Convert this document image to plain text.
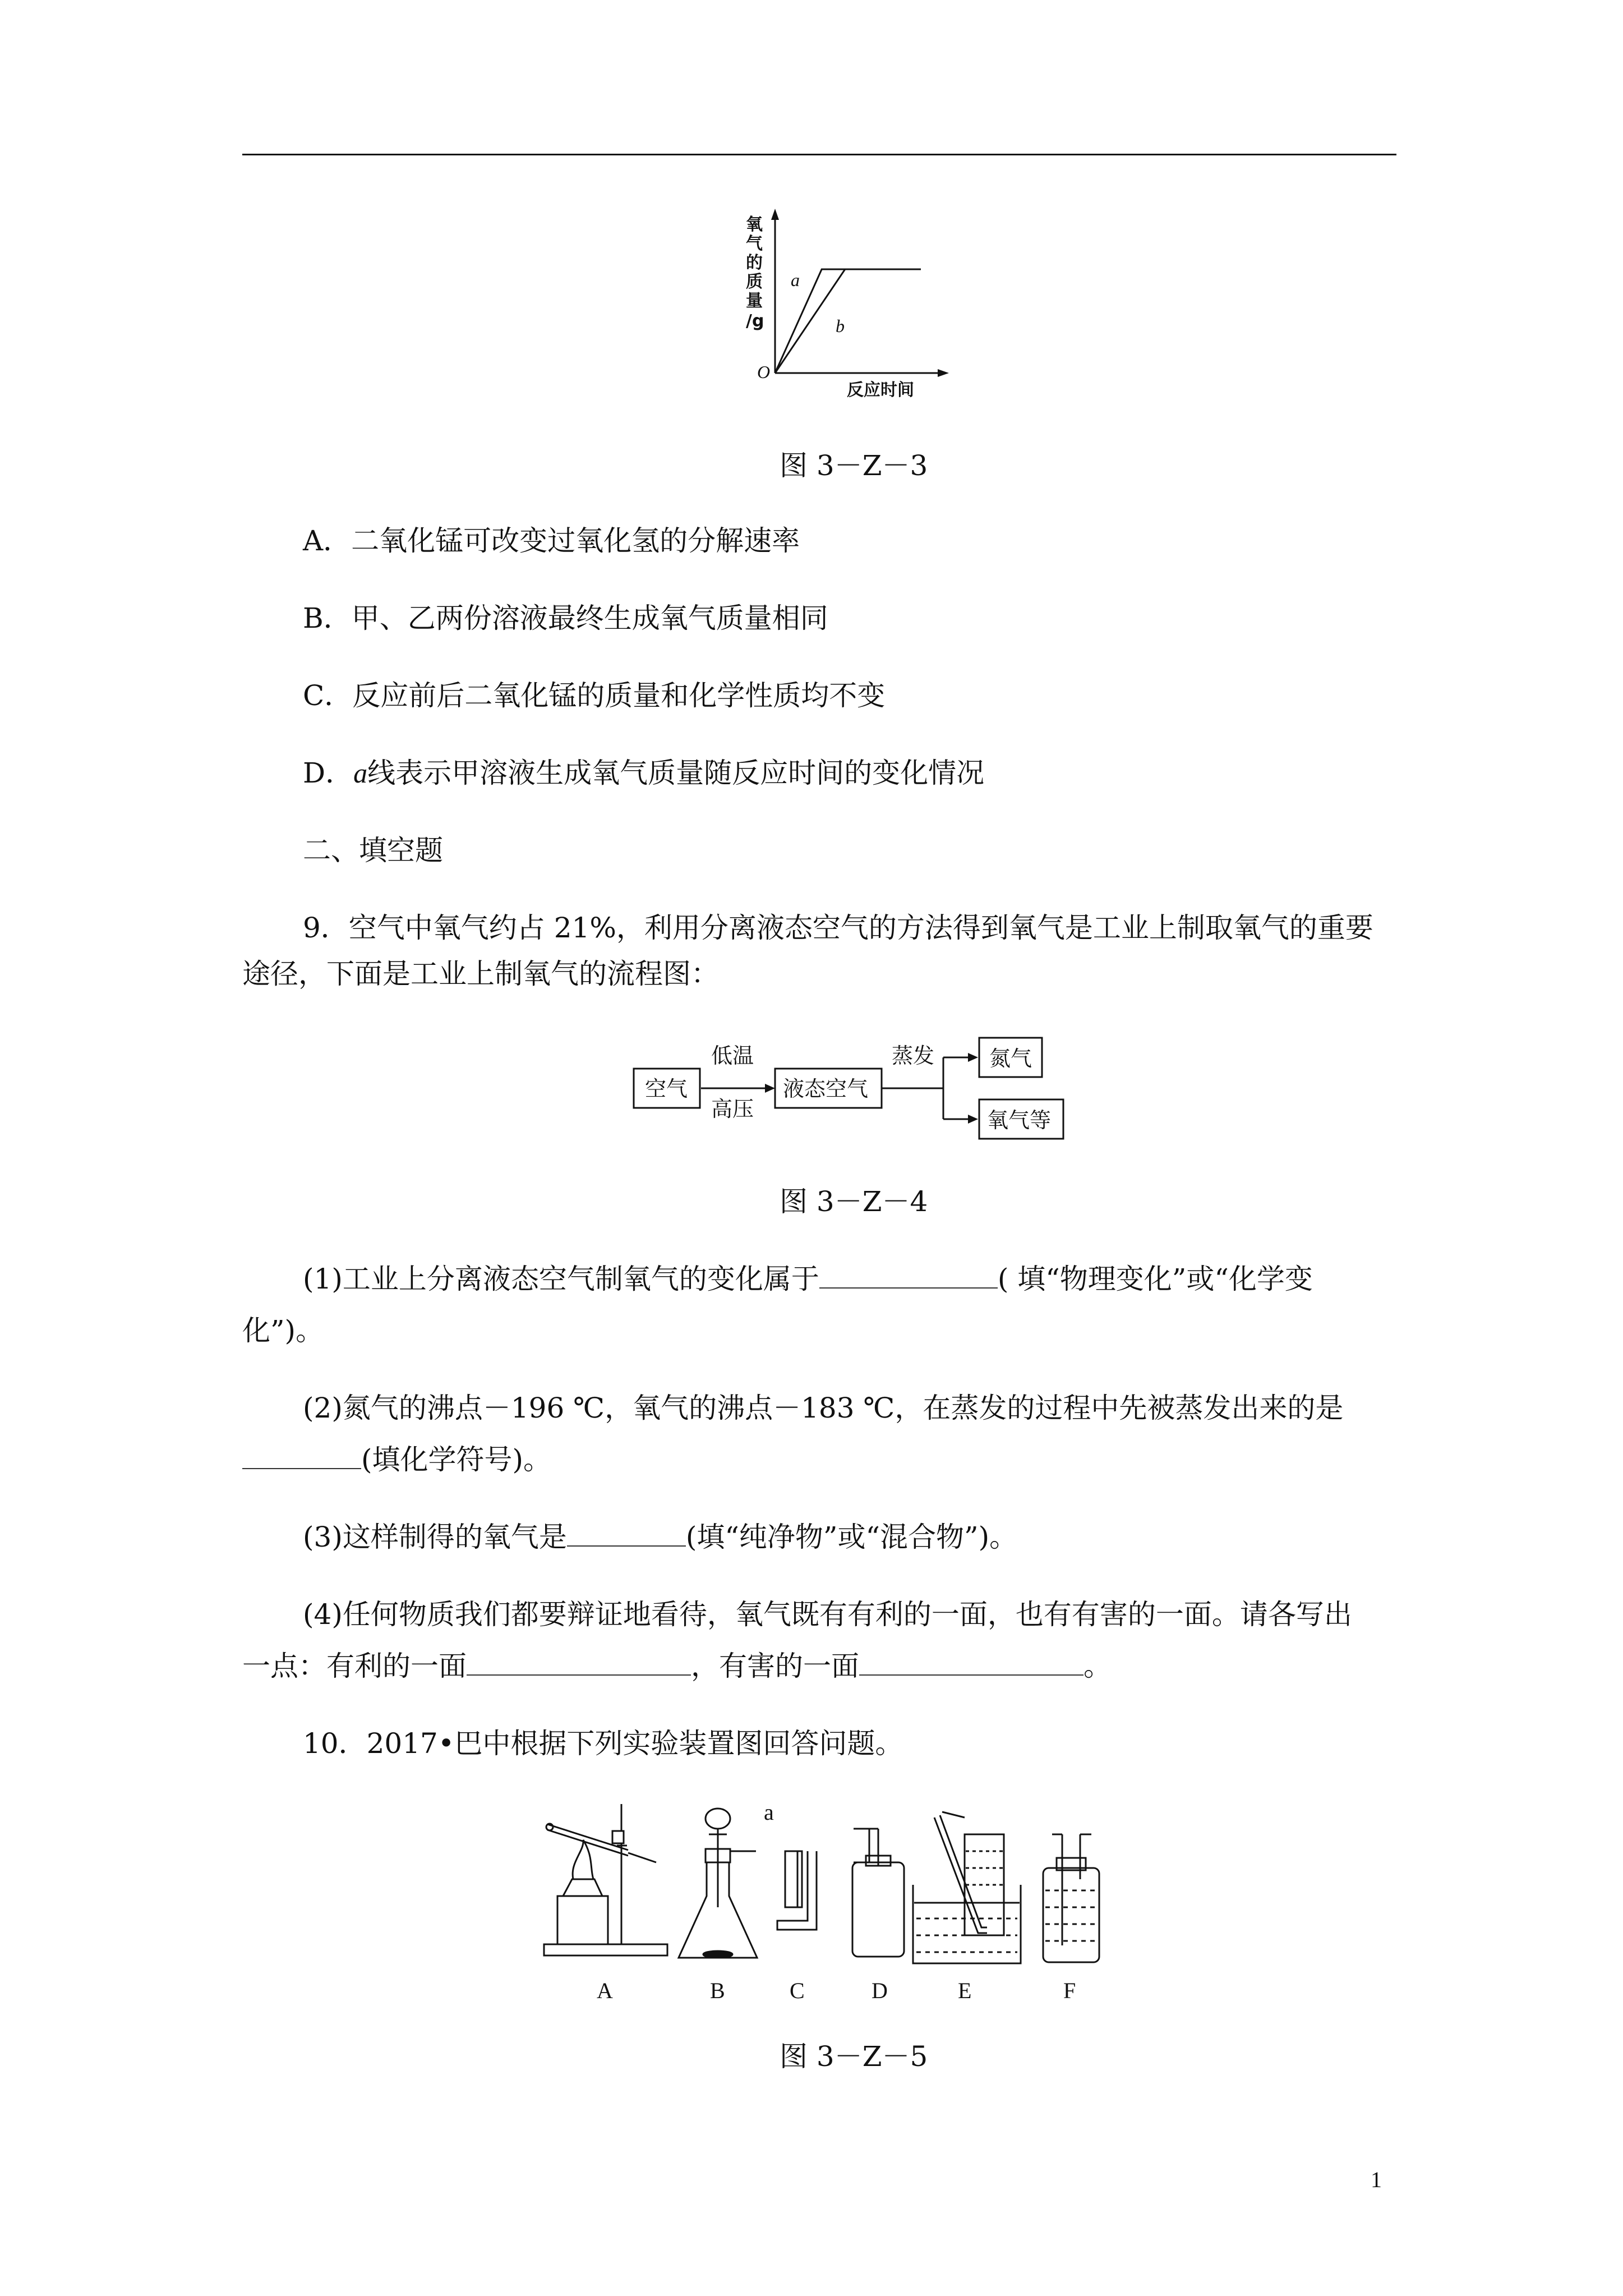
氧
气
的
质
量
/g
反应时间
O
a
b
图 3－Z－3
A．二氧化锰可改变过氧化氢的分解速率
B．甲、乙两份溶液最终生成氧气质量相同
C．反应前后二氧化锰的质量和化学性质均不变
D．a线表示甲溶液生成氧气质量随反应时间的变化情况
二、填空题
9．空气中氧气约占 21%，利用分离液态空气的方法得到氧气是工业上制取氧气的重要
途径，下面是工业上制氧气的流程图：
空气
低温
高压
液态空气
蒸发	氮气
氧气等
图 3－Z－4
(1)工业上分离液态空气制氧气的变化属于	( 填“物理变化”或“化学变
化”)。
(2)氮气的沸点－196 ℃，氧气的沸点－183 ℃，在蒸发的过程中先被蒸发出来的是
(填化学符号)。
(3)这样制得的氧气是	(填“纯净物”或“混合物”)。
(4)任何物质我们都要辩证地看待，氧气既有有利的一面，也有有害的一面。请各写出
一点：有利的一面	，有害的一面	。
10．2017•巴中根据下列实验装置图回答问题。
a
A	B	C	D	E	F
图 3－Z－5
1
